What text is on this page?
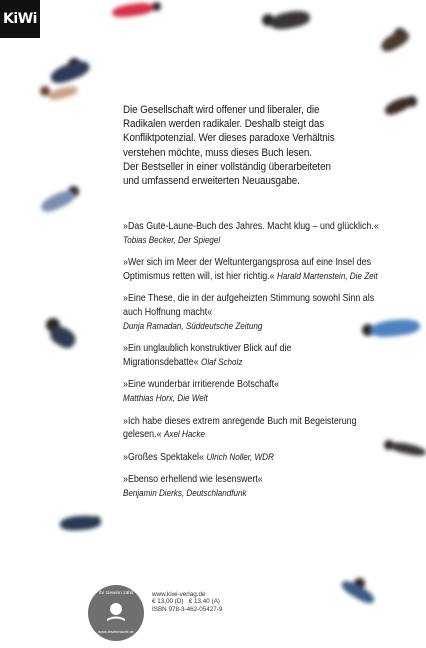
KiWi

Die Gesellschaft wird offener und liberaler, die

Radikalen werden radikaler. Deshalb steigt das

Konfliktpotenzial. Wer dieses paradoxe Verhältnis

verstehen möchte, muss dieses Buch lesen.

Der Bestseller in einer vollständig überarbeiteten

und umfassend erweiterten Neuausgabe.

»Das Gute-Laune-Buch des Jahres. Macht klug – und glücklich.« Tobias Becker, Der Spiegel

»Wer sich im Meer der Weltuntergangsprosa auf eine Insel des Optimismus retten will, ist hier richtig.« Harald Martenstein, Die Zeit

»Eine These, die in der aufgeheizten Stimmung sowohl Sinn als auch Hoffnung macht«
Dunja Ramadan, Süddeutsche Zeitung

»Ein unglaublich konstruktiver Blick auf die Migrationsdebatte« Olaf Scholz

»Eine wunderbar irritierende Botschaft«
Matthias Horx, Die Welt

»Ich habe dieses extrem anregende Buch mit Begeisterung gelesen.« Axel Hacke

»Großes Spektakel« Ulrich Noller, WDR

»Ebenso erhellend wie lesenswert«
Benjamin Dierks, Deutschlandfunk

Ihr Gewinn zählt
www.lesenmacht.de
www.kiwi-verlag.de
€ 13,00 (D) € 13,40 (A)
ISBN 978-3-462-05427-9
